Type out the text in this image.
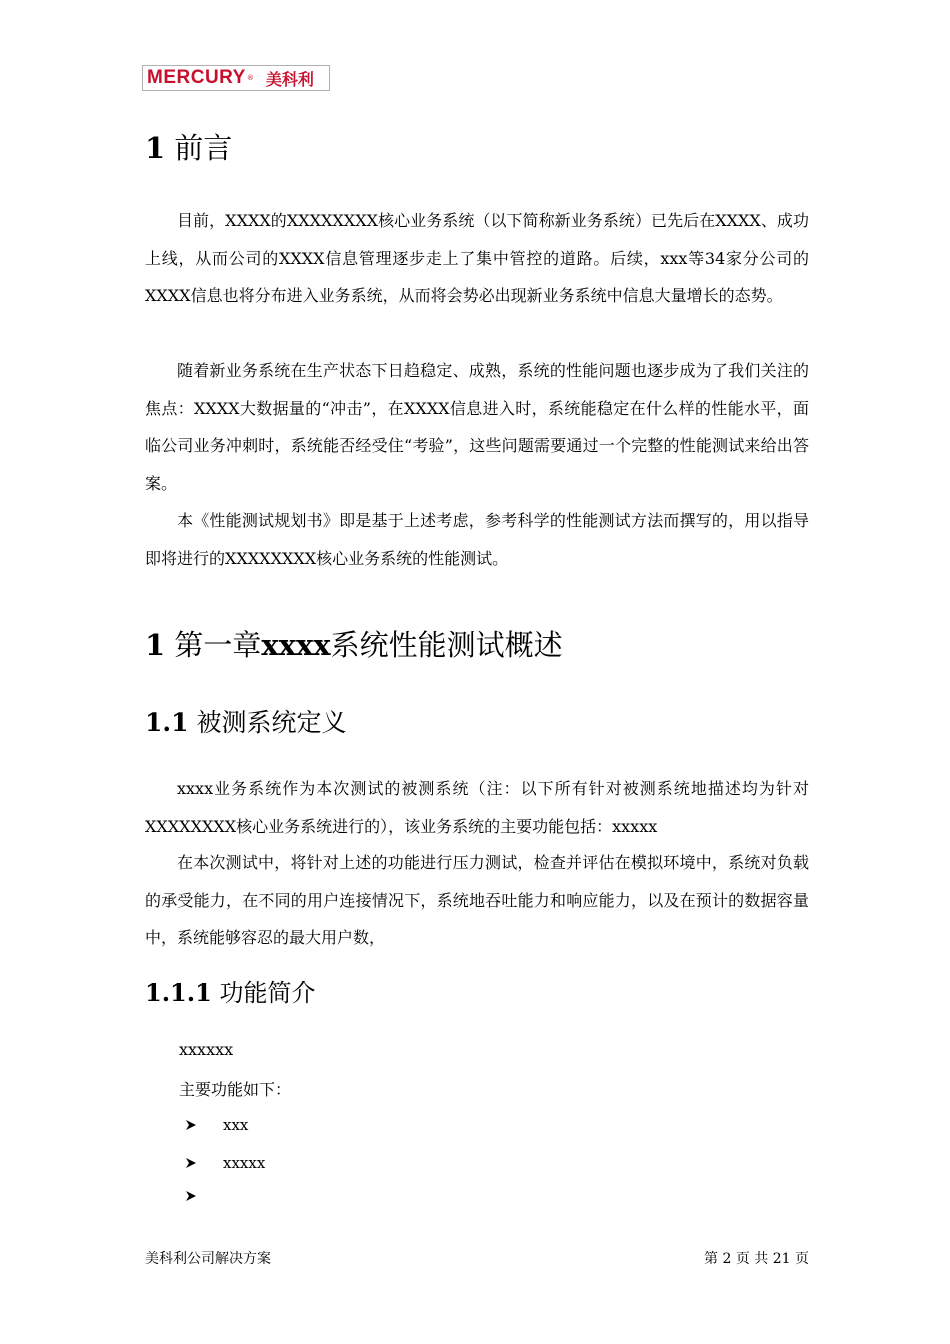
MERCURY ® 美科利
1 前言

目前，XXXX的XXXXXXXX核心业务系统（以下简称新业务系统）已先后在XXXX、成功上线，从而公司的XXXX信息管理逐步走上了集中管控的道路。后续，xxx等34家分公司的XXXX信息也将分布进入业务系统，从而将会势必出现新业务系统中信息大量增长的态势。

随着新业务系统在生产状态下日趋稳定、成熟，系统的性能问题也逐步成为了我们关注的焦点：XXXX大数据量的“冲击”，在XXXX信息进入时，系统能稳定在什么样的性能水平，面临公司业务冲刺时，系统能否经受住“考验”，这些问题需要通过一个完整的性能测试来给出答案。

本《性能测试规划书》即是基于上述考虑，参考科学的性能测试方法而撰写的，用以指导即将进行的XXXXXXXX核心业务系统的性能测试。

1 第一章xxxx系统性能测试概述
1.1 被测系统定义

xxxx业务系统作为本次测试的被测系统（注：以下所有针对被测系统地描述均为针对XXXXXXXX核心业务系统进行的），该业务系统的主要功能包括：xxxxx

在本次测试中，将针对上述的功能进行压力测试，检查并评估在模拟环境中，系统对负载的承受能力，在不同的用户连接情况下，系统地吞吐能力和响应能力，以及在预计的数据容量中，系统能够容忍的最大用户数，

1.1.1 功能简介

xxxxxx

主要功能如下：

xxx
xxxxx
美科利公司解决方案	第 2 页 共 21 页
